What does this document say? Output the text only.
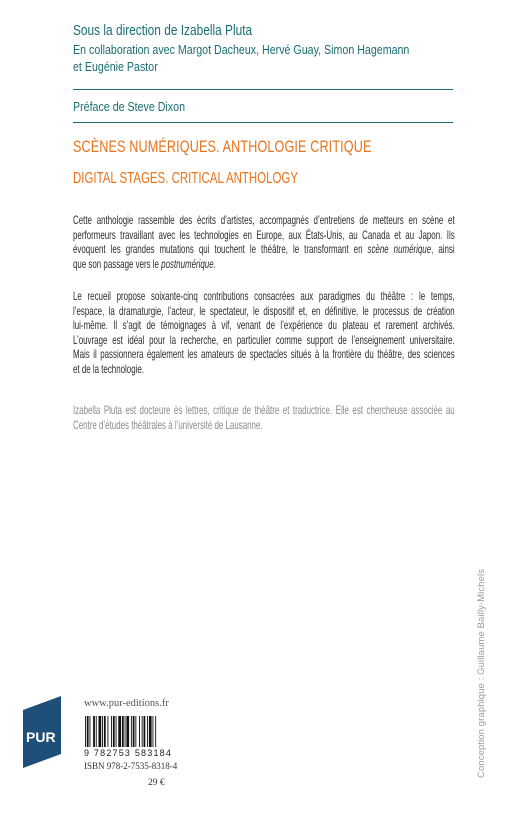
Sous la direction de Izabella Pluta
En collaboration avec Margot Dacheux, Hervé Guay, Simon Hagemann
et Eugénie Pastor
Préface de Steve Dixon
SCÈNES NUMÉRIQUES. ANTHOLOGIE CRITIQUE
DIGITAL STAGES. CRITICAL ANTHOLOGY
Cette anthologie rassemble des écrits d’artistes, accompagnés d’entretiens de metteurs en scène et
performeurs travaillant avec les technologies en Europe, aux États-Unis, au Canada et au Japon. Ils
évoquent les grandes mutations qui touchent le théâtre, le transformant en scène numérique, ainsi
que son passage vers le postnumérique.
Le recueil propose soixante-cinq contributions consacrées aux paradigmes du théâtre : le temps,
l’espace, la dramaturgie, l’acteur, le spectateur, le dispositif et, en définitive, le processus de création
lui-même. Il s’agit de témoignages à vif, venant de l’expérience du plateau et rarement archivés.
L’ouvrage est idéal pour la recherche, en particulier comme support de l’enseignement universitaire.
Mais il passionnera également les amateurs de spectacles situés à la frontière du théâtre, des sciences
et de la technologie.
Izabella Pluta est docteure ès lettres, critique de théâtre et traductrice. Elle est chercheuse associée au
Centre d’études théâtrales à l’université de Lausanne.
Conception graphique : Guillaume Bailly-Michels
PUR
www.pur-editions.fr
9 782753 583184
ISBN 978-2-7535-8318-4
29 €
